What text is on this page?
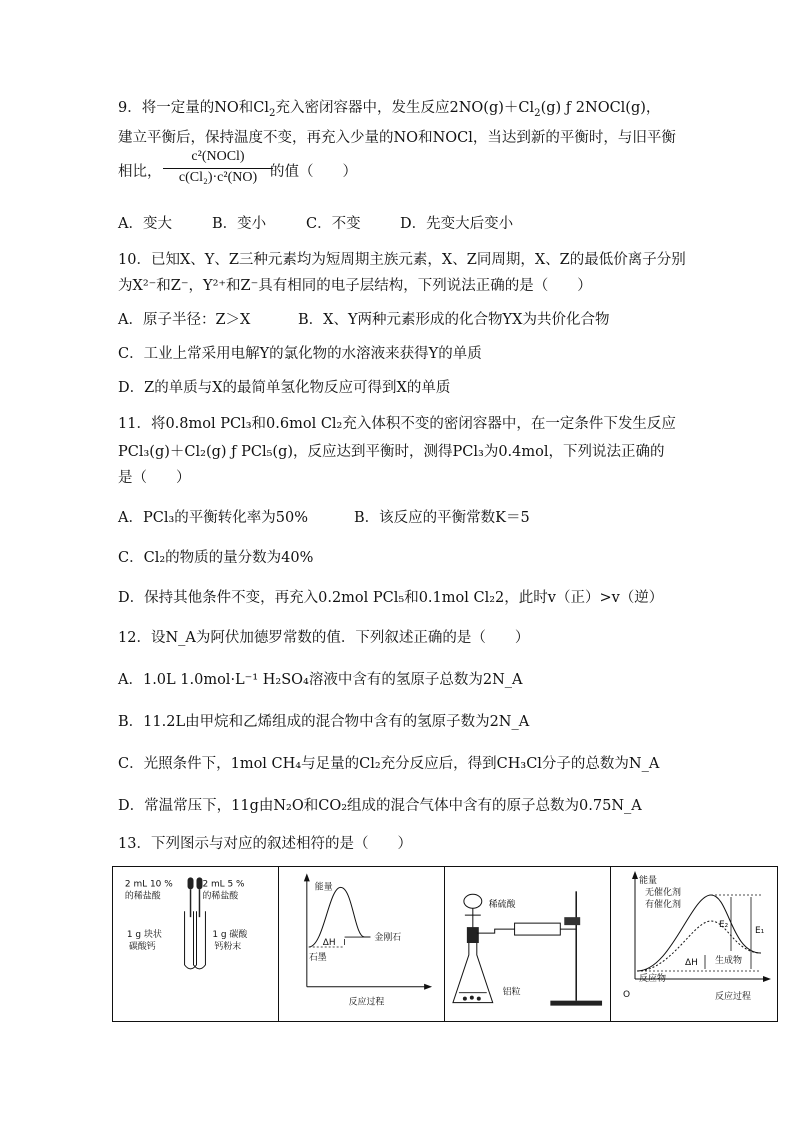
9．将一定量的NO和$Cl_2$充入密闭容器中，发生反应$2NO(g)+Cl_2(g)$ ƒ 2NOCl(g)，
建立平衡后，保持温度不变，再充入少量的NO和NOCl，当达到新的平衡时，与旧平衡
相比，
c²(NOCl)
c(Cl₂)·c²(NO) 的值（　　）
A．变大	B．变小	C．不变	D．先变大后变小
10．已知X、Y、Z三种元素均为短周期主族元素，X、Z同周期，X、Z的最低价离子分别
为X²⁻和Z⁻，Y²⁺和Z⁻具有相同的电子层结构，下列说法正确的是（　　）
A．原子半径：Z＞X	B．X、Y两种元素形成的化合物YX为共价化合物
C．工业上常采用电解Y的氯化物的水溶液来获得Y的单质
D．Z的单质与X的最简单氢化物反应可得到X的单质
11．将0.8mol PCl₃和0.6mol Cl₂充入体积不变的密闭容器中，在一定条件下发生反应
PCl₃(g)＋Cl₂(g) ƒ PCl₅(g)，反应达到平衡时，测得PCl₃为0.4mol，下列说法正确的
是（　　）
A．PCl₃的平衡转化率为50%	B．该反应的平衡常数K＝5
C．Cl₂的物质的量分数为40%
D．保持其他条件不变，再充入0.2mol PCl₅和0.1mol Cl₂2，此时v（正）>v（逆）
12．设N_A为阿伏加德罗常数的值．下列叙述正确的是（　　）
A．1.0L 1.0mol·L⁻¹ H₂SO₄溶液中含有的氢原子总数为2N_A
B．11.2L由甲烷和乙烯组成的混合物中含有的氢原子数为2N_A
C．光照条件下，1mol CH₄与足量的Cl₂充分反应后，得到CH₃Cl分子的总数为N_A
D．常温常压下，11g由N₂O和CO₂组成的混合气体中含有的原子总数为0.75N_A
13．下列图示与对应的叙述相符的是（　　）
2 mL 10 %
的稀盐酸
2 mL 5 %
的稀盐酸
1 g 块状
碳酸钙
1 g 碳酸
钙粉末
能量
反应过程
ΔH	金刚石
石墨
稀硫酸
铝粒
能量
反应过程
O
无催化剂
有催化剂
E₂
E₁
ΔH 生成物
反应物
